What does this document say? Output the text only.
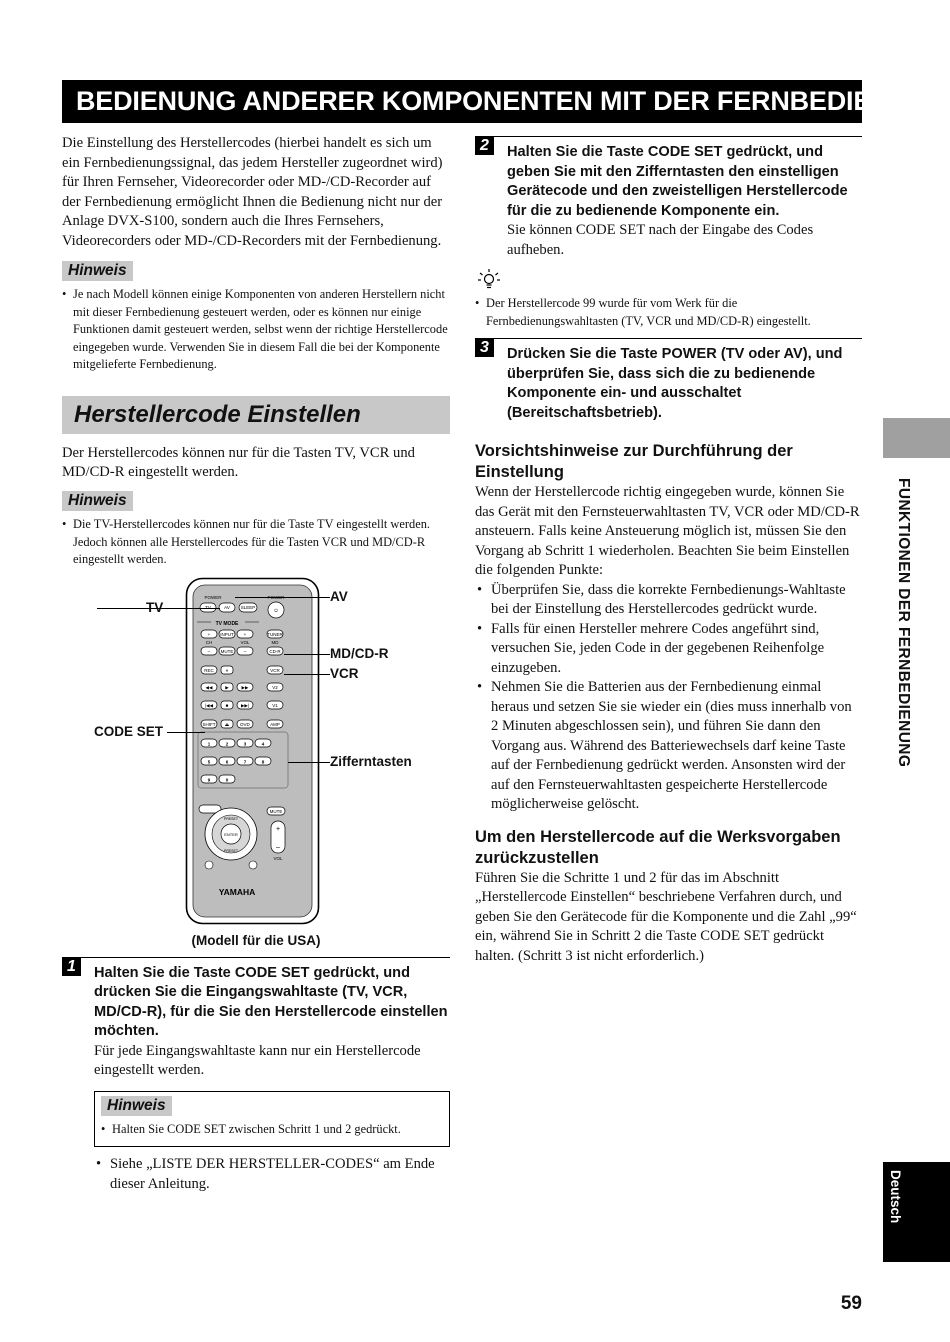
BEDIENUNG ANDERER KOMPONENTEN MIT DER FERNBEDIENUNG

Die Einstellung des Herstellercodes (hierbei handelt es sich um ein Fernbedienungssignal, das jedem Hersteller zugeordnet wird) für Ihren Fernseher, Videorecorder oder MD-/CD-Recorder auf der Fernbedienung ermöglicht Ihnen die Bedienung nicht nur der Anlage DVX-S100, sondern auch die Ihres Fernsehers, Videorecorders oder MD-/CD-Recorders mit der Fernbedienung.

Hinweis
• Je nach Modell können einige Komponenten von anderen Herstellern nicht mit dieser Fernbedienung gesteuert werden, oder es können nur einige Funktionen damit gesteuert werden, selbst wenn der richtige Herstellercode eingegeben wurde. Verwenden Sie in diesem Fall die bei der Komponente mitgelieferte Fernbedienung.
Herstellercode Einstellen

Der Herstellercodes können nur für die Tasten TV, VCR und MD/CD-R eingestellt werden.

Hinweis
• Die TV-Herstellercodes können nur für die Taste TV eingestellt werden. Jedoch können alle Herstellercodes für die Tasten VCR und MD/CD-R eingestellt werden.
POWER
AV SLEEP
⏻
TV MODE
+ INPUT +	TUNER
CH	VOL	MD
– MUTE –	CD-R
REC	⏸	VCR
◀◀	▶	▶▶	V2
|◀◀	■	▶▶|	V1
SHIFT ⏏ DVD	AMP
1	2	3	4
5	6	7	8
9	0
MUTE
ENTER
PRESET
PRESET
+
–
VOL
YAMAHA
TV
AV
MD/CD-R
VCR
CODE SET
Zifferntasten
(Modell für die USA)
1	Halten Sie die Taste CODE SET gedrückt, und drücken Sie die Eingangswahltaste (TV, VCR, MD/CD-R), für die Sie den Herstellercode einstellen möchten.
Für jede Eingangswahltaste kann nur ein Herstellercode eingestellt werden.
Hinweis
• Halten Sie CODE SET zwischen Schritt 1 und 2 gedrückt.
• Siehe „LISTE DER HERSTELLER-CODES“ am Ende dieser Anleitung.
2	Halten Sie die Taste CODE SET gedrückt, und geben Sie mit den Zifferntasten den einstelligen Gerätecode und den zweistelligen Herstellercode für die zu bedienende Komponente ein.
Sie können CODE SET nach der Eingabe des Codes aufheben.
• Der Herstellercode 99 wurde für vom Werk für die Fernbedienungswahltasten (TV, VCR und MD/CD-R) eingestellt.
3	Drücken Sie die Taste POWER (TV oder AV), und überprüfen Sie, dass sich die zu bedienende Komponente ein- und ausschaltet (Bereitschaftsbetrieb).
Vorsichtshinweise zur Durchführung der Einstellung

Wenn der Herstellercode richtig eingegeben wurde, können Sie das Gerät mit den Fernsteuerwahltasten TV, VCR oder MD/CD-R ansteuern. Falls keine Ansteuerung möglich ist, müssen Sie den Vorgang ab Schritt 1 wiederholen. Beachten Sie beim Einstellen die folgenden Punkte:

• Überprüfen Sie, dass die korrekte Fernbedienungs-Wahltaste bei der Einstellung des Herstellercodes gedrückt wurde.
• Falls für einen Hersteller mehrere Codes angeführt sind, versuchen Sie, jeden Code in der gegebenen Reihenfolge einzugeben.
• Nehmen Sie die Batterien aus der Fernbedienung einmal heraus und setzen Sie sie wieder ein (dies muss innerhalb von 2 Minuten abgeschlossen sein), und führen Sie dann den Vorgang aus. Während des Batteriewechsels darf keine Taste auf der Fernbedienung gedrückt werden. Ansonsten wird der auf den Fernsteuerwahltasten gespeicherte Herstellercode möglicherweise gelöscht.
Um den Herstellercode auf die Werksvorgaben zurückzustellen

Führen Sie die Schritte 1 und 2 für das im Abschnitt „Herstellercode Einstellen“ beschriebene Verfahren durch, und geben Sie den Gerätecode für die Komponente und die Zahl „99“ ein, während Sie in Schritt 2 die Taste CODE SET gedrückt halten. (Schritt 3 ist nicht erforderlich.)

FUNKTIONEN DER FERNBEDIENUNG
Deutsch
59
